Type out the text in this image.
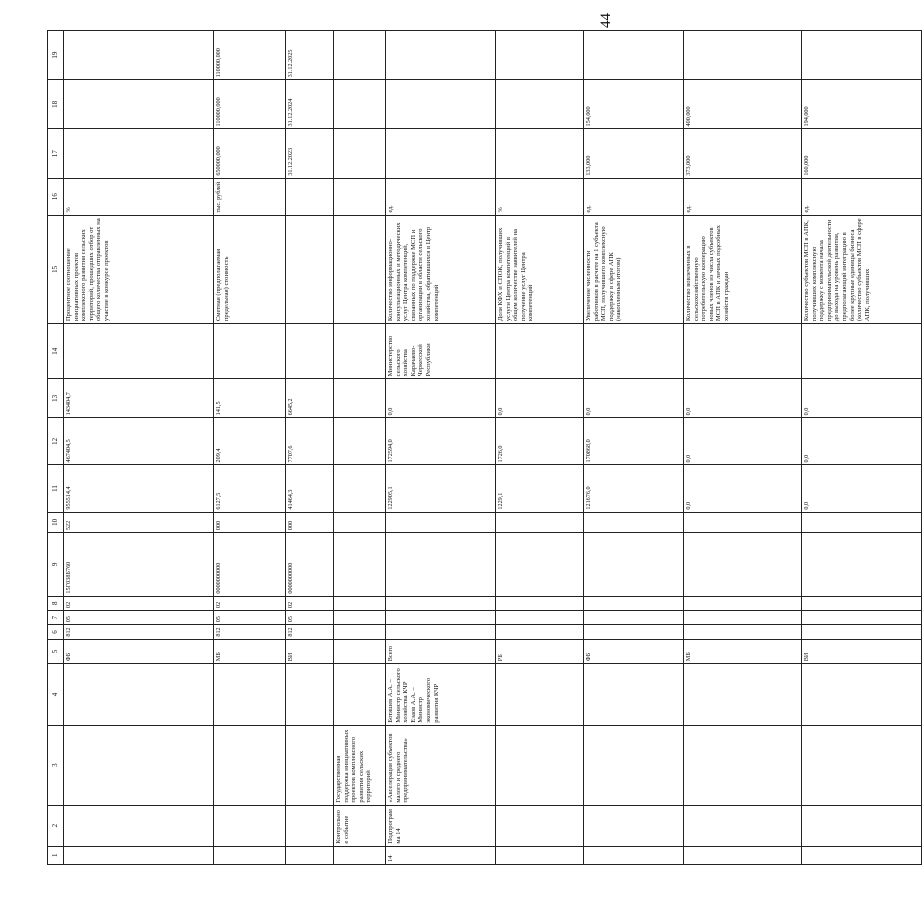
44
1	2	3	4	5	6	7	8	9	10	11	12	13	14	15	16	17	18	19
				ФБ	812	05	02	15Г038Б760	522	955514,4	467404,5	143404,7		Процентное соотношение инициативных проектов комплексного развития сельских территорий, прошедших отбор от общего количества отправленных на участие в конкурсе проектов	%			
				МБ	812	05	02	0000000000	000	6127,5	209,4	141,5		Сметная (предполагаемая предельная) стоимость	тыс. рублей	650000,000	110000,000	110000,000
				ВИ	812	05	02	0000000000	000	41464,3	7707,6	6645,2				31.12.2023	31.12.2024	31.12.2025
	Контрольное событие	Государственная поддержка инициативных проектов комплексного развития сельских территорий																
14	Подпрограмма 14	«Акселерация субъектов малого и среднего предпринимательства»	Ботяшев А.А. – Министр сельского хозяйства КЧР Езаов А.А. – Министр экономического развития КЧР	Всего						122905,1	172594,0	0,0	Министерство сельского хозяйства Карачаево-Черкесской Республики	Количество информационно-консультационных и методических услуг Центра компетенций, связанных по поддержке МСП и организации в области сельского хозяйства, обратившихся в Центр компетенций	ед.			
				РБ						1229,1	1726,0	0,0		Доля КФХ и СПОК, получивших услуги Центра компетенций в общем количестве заявителей на получение услуг Центра компетенций	%			
				ФБ						121676,0	170868,0	0,0		Увеличение численности работников в расчете на 1 субъекта МСП, получившего комплексную поддержку в сфере АПК (накопленным итогом)	ед.	133,000	154,000	
				МБ						0,0	0,0	0,0		Количество вовлеченных в сельскохозяйственную потребительскую кооперацию новых членов из числа субъектов МСП в АПК и личных подсобных хозяйств граждан	ед.	373,000	400,000	
				ВИ						0,0	0,0	0,0		Количество субъектов МСП в АПК, получивших комплексную поддержку с момента начала предпринимательской деятельности до выхода на уровень развития, предполагающий интеграцию в более крупные единицы бизнеса (количество субъектов МСП в сфере АПК, получивших	ед.	160,000	194,000	
